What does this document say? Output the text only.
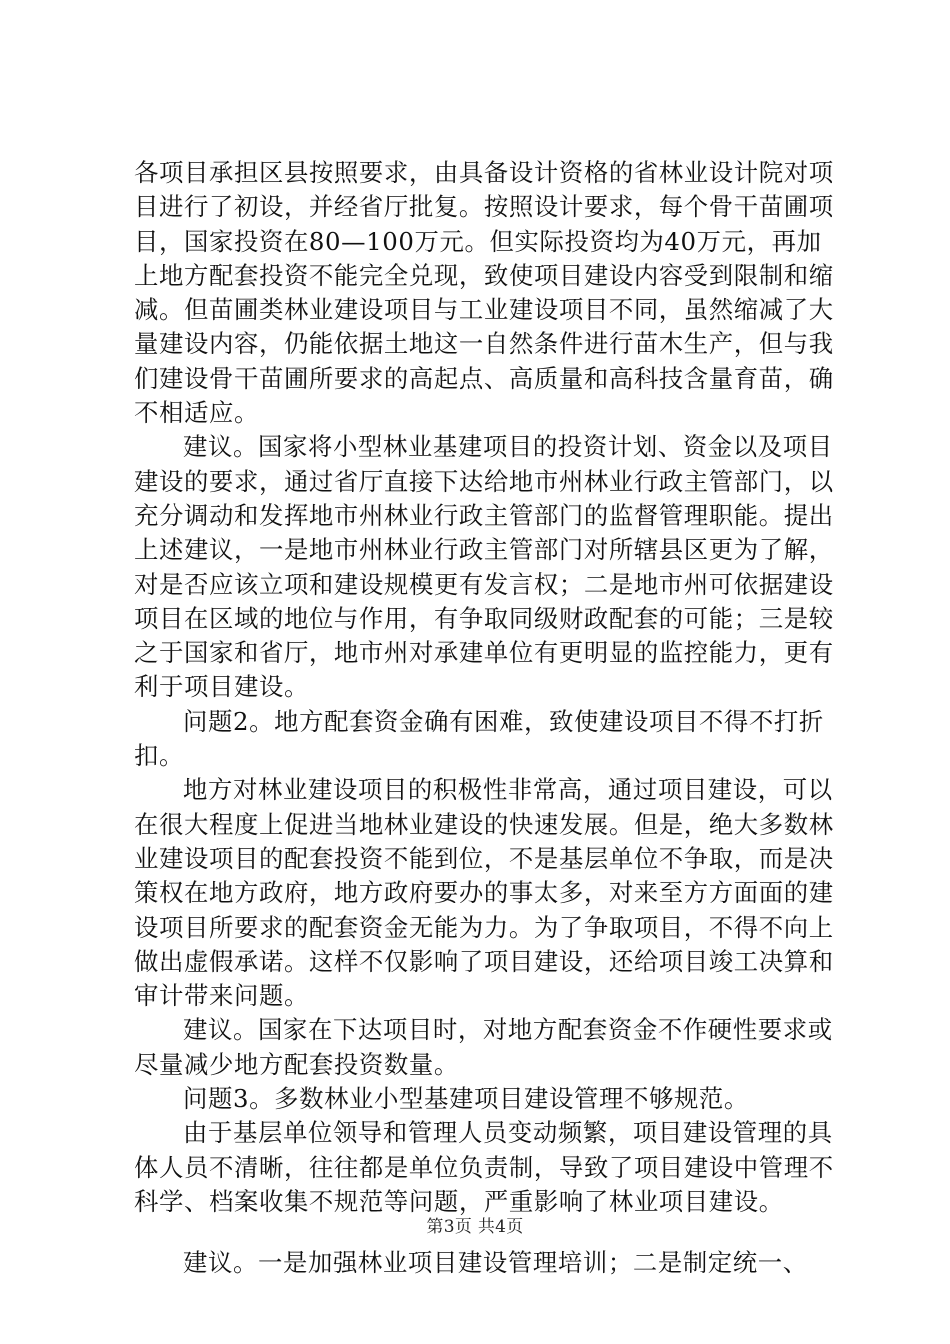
各项目承担区县按照要求，由具备设计资格的省林业设计院对项目进行了初设，并经省厅批复。按照设计要求，每个骨干苗圃项目，国家投资在80—100万元。但实际投资均为40万元，再加上地方配套投资不能完全兑现，致使项目建设内容受到限制和缩减。但苗圃类林业建设项目与工业建设项目不同，虽然缩减了大量建设内容，仍能依据土地这一自然条件进行苗木生产，但与我们建设骨干苗圃所要求的高起点、高质量和高科技含量育苗，确不相适应。

建议。国家将小型林业基建项目的投资计划、资金以及项目建设的要求，通过省厅直接下达给地市州林业行政主管部门，以充分调动和发挥地市州林业行政主管部门的监督管理职能。提出上述建议，一是地市州林业行政主管部门对所辖县区更为了解，对是否应该立项和建设规模更有发言权；二是地市州可依据建设项目在区域的地位与作用，有争取同级财政配套的可能；三是较之于国家和省厅，地市州对承建单位有更明显的监控能力，更有利于项目建设。

问题2。地方配套资金确有困难，致使建设项目不得不打折扣。

地方对林业建设项目的积极性非常高，通过项目建设，可以在很大程度上促进当地林业建设的快速发展。但是，绝大多数林业建设项目的配套投资不能到位，不是基层单位不争取，而是决策权在地方政府，地方政府要办的事太多，对来至方方面面的建设项目所要求的配套资金无能为力。为了争取项目，不得不向上做出虚假承诺。这样不仅影响了项目建设，还给项目竣工决算和审计带来问题。

建议。国家在下达项目时，对地方配套资金不作硬性要求或尽量减少地方配套投资数量。

问题3。多数林业小型基建项目建设管理不够规范。

由于基层单位领导和管理人员变动频繁，项目建设管理的具体人员不清晰，往往都是单位负责制，导致了项目建设中管理不科学、档案收集不规范等问题，严重影响了林业项目建设。

建议。一是加强林业项目建设管理培训；二是制定统一、

第3页 共4页
